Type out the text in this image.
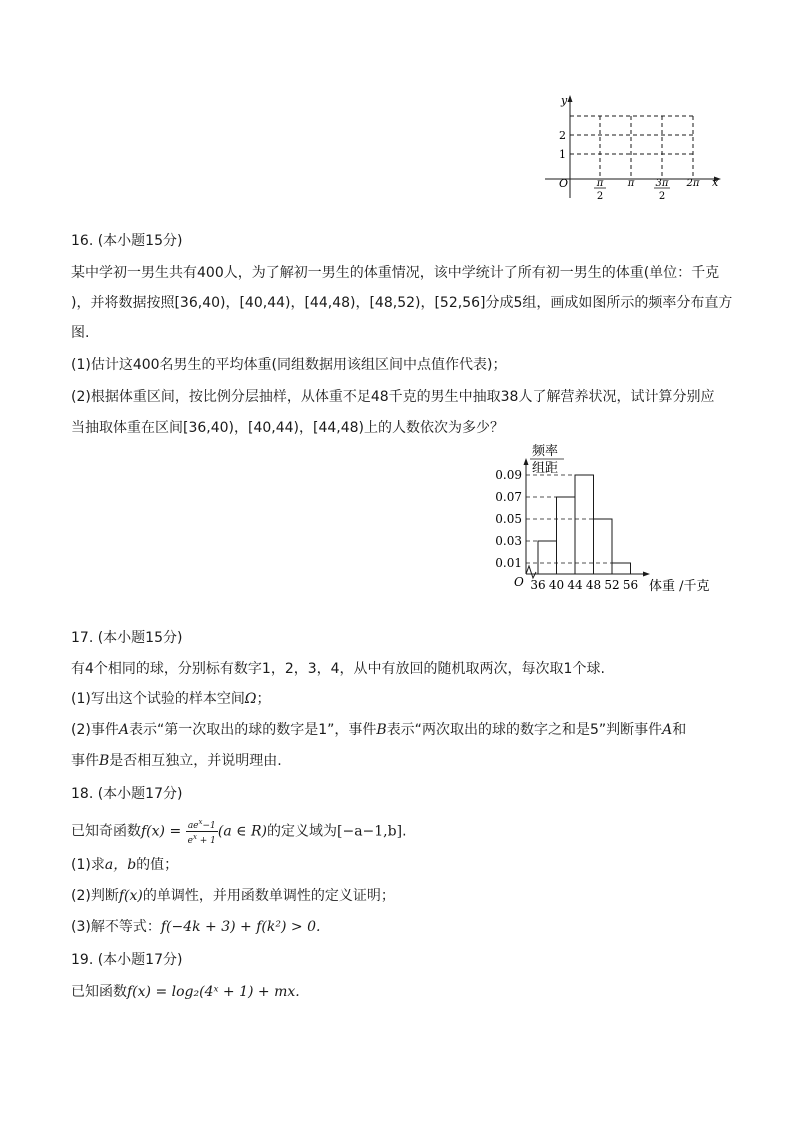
y
x
O
2
1
π
2
π 3π
2
2π
16. (本小题15分)
某中学初一男生共有400人，为了解初一男生的体重情况，该中学统计了所有初一男生的体重(单位：千克
)，并将数据按照[36,40)，[40,44)，[44,48)，[48,52)，[52,56]分成5组，画成如图所示的频率分布直方
图.
(1)估计这400名男生的平均体重(同组数据用该组区间中点值作代表)；
(2)根据体重区间，按比例分层抽样，从体重不足48千克的男生中抽取38人了解营养状况，试计算分别应
当抽取体重在区间[36,40)，[40,44)，[44,48)上的人数依次为多少？
频率
组距
O	体重 /千克
0.01
0.03
0.05
0.07
0.09
36 40 44 48 52 56
17. (本小题15分)
有4个相同的球，分别标有数字1，2，3，4，从中有放回的随机取两次，每次取1个球.
(1)写出这个试验的样本空间Ω；
(2)事件A表示“第一次取出的球的数字是1”，事件B表示“两次取出的球的数字之和是5”判断事件A和
事件B是否相互独立，并说明理由.
18. (本小题17分)
已知奇函数$f(x) = \frac{ae^x-1}{e^x + 1} (a$ ∈ R)的定义域为[−a−1,b].
(1)求a，b的值；
(2)判断f(x)的单调性，并用函数单调性的定义证明；
(3)解不等式：f(−4k + 3) + f(k²) > 0.
19. (本小题17分)
已知函数f(x) = log₂(4ˣ + 1) + mx.
